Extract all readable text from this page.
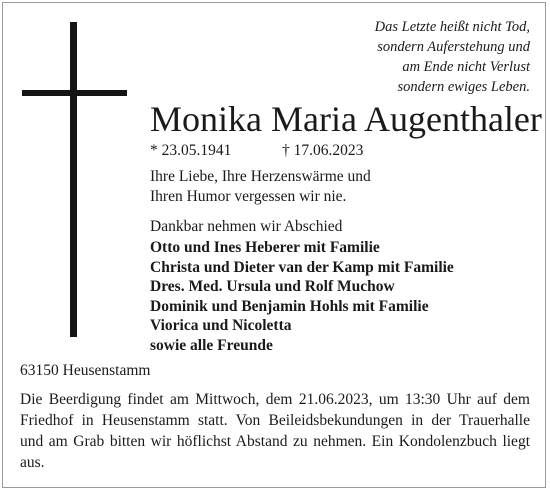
Das Letzte heißt nicht Tod,
sondern Auferstehung und
am Ende nicht Verlust
sondern ewiges Leben.
Monika Maria Augenthaler
* 23.05.1941	† 17.06.2023
Ihre Liebe, Ihre Herzenswärme und
Ihren Humor vergessen wir nie.
Dankbar nehmen wir Abschied
Otto und Ines Heberer mit Familie
Christa und Dieter van der Kamp mit Familie
Dres. Med. Ursula und Rolf Muchow
Dominik und Benjamin Hohls mit Familie
Viorica und Nicoletta
sowie alle Freunde
63150 Heusenstamm
Die Beerdigung findet am Mittwoch, dem 21.06.2023, um 13:30 Uhr auf dem
Friedhof in Heusenstamm statt. Von Beileidsbekundungen in der Trauerhalle
und am Grab bitten wir höflichst Abstand zu nehmen. Ein Kondolenzbuch liegt
aus.
